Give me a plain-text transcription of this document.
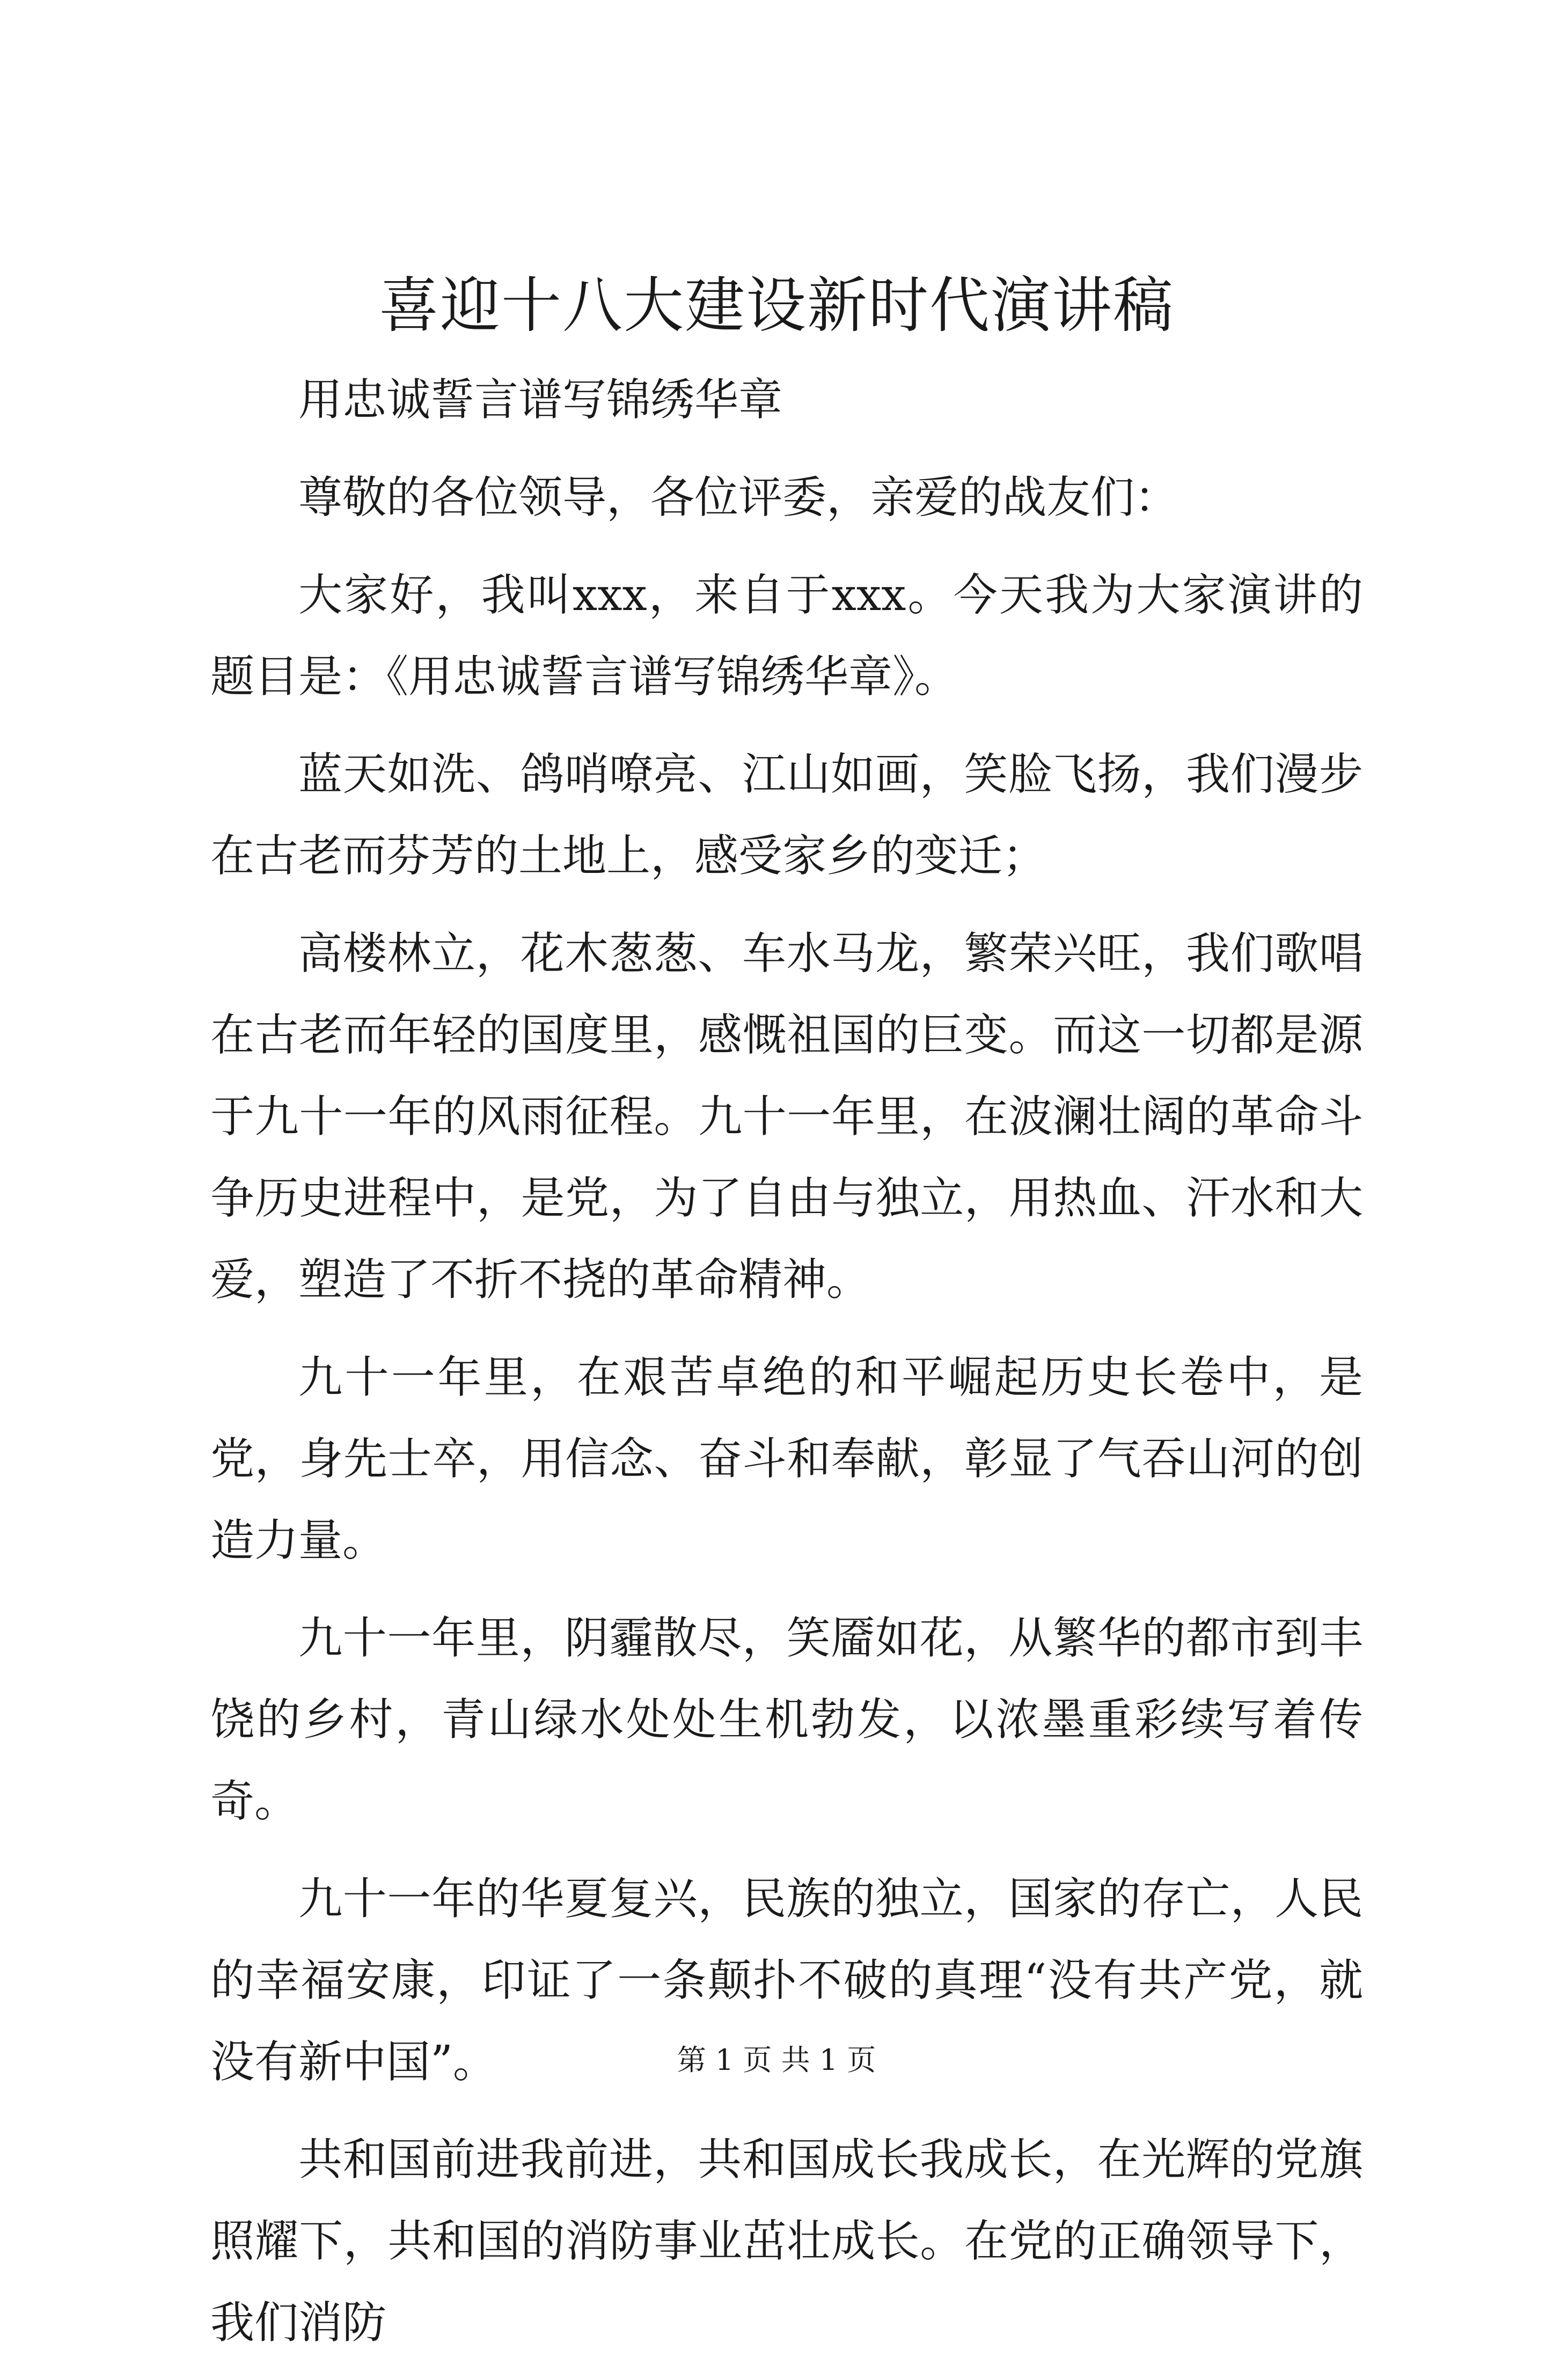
喜迎十八大建设新时代演讲稿

用忠诚誓言谱写锦绣华章

尊敬的各位领导，各位评委，亲爱的战友们：

大家好，我叫xxx，来自于xxx。今天我为大家演讲的题目是：《用忠诚誓言谱写锦绣华章》。

蓝天如洗、鸽哨嘹亮、江山如画，笑脸飞扬，我们漫步在古老而芬芳的土地上，感受家乡的变迁；

高楼林立，花木葱葱、车水马龙，繁荣兴旺，我们歌唱在古老而年轻的国度里，感慨祖国的巨变。而这一切都是源于九十一年的风雨征程。九十一年里，在波澜壮阔的革命斗争历史进程中，是党，为了自由与独立，用热血、汗水和大爱，塑造了不折不挠的革命精神。

九十一年里，在艰苦卓绝的和平崛起历史长卷中，是党，身先士卒，用信念、奋斗和奉献，彰显了气吞山河的创造力量。

九十一年里，阴霾散尽，笑靥如花，从繁华的都市到丰饶的乡村，青山绿水处处生机勃发，以浓墨重彩续写着传奇。

九十一年的华夏复兴，民族的独立，国家的存亡，人民的幸福安康，印证了一条颠扑不破的真理“没有共产党，就没有新中国”。

共和国前进我前进，共和国成长我成长，在光辉的党旗照耀下，共和国的消防事业茁壮成长。在党的正确领导下，我们消防

第 1 页 共 1 页
